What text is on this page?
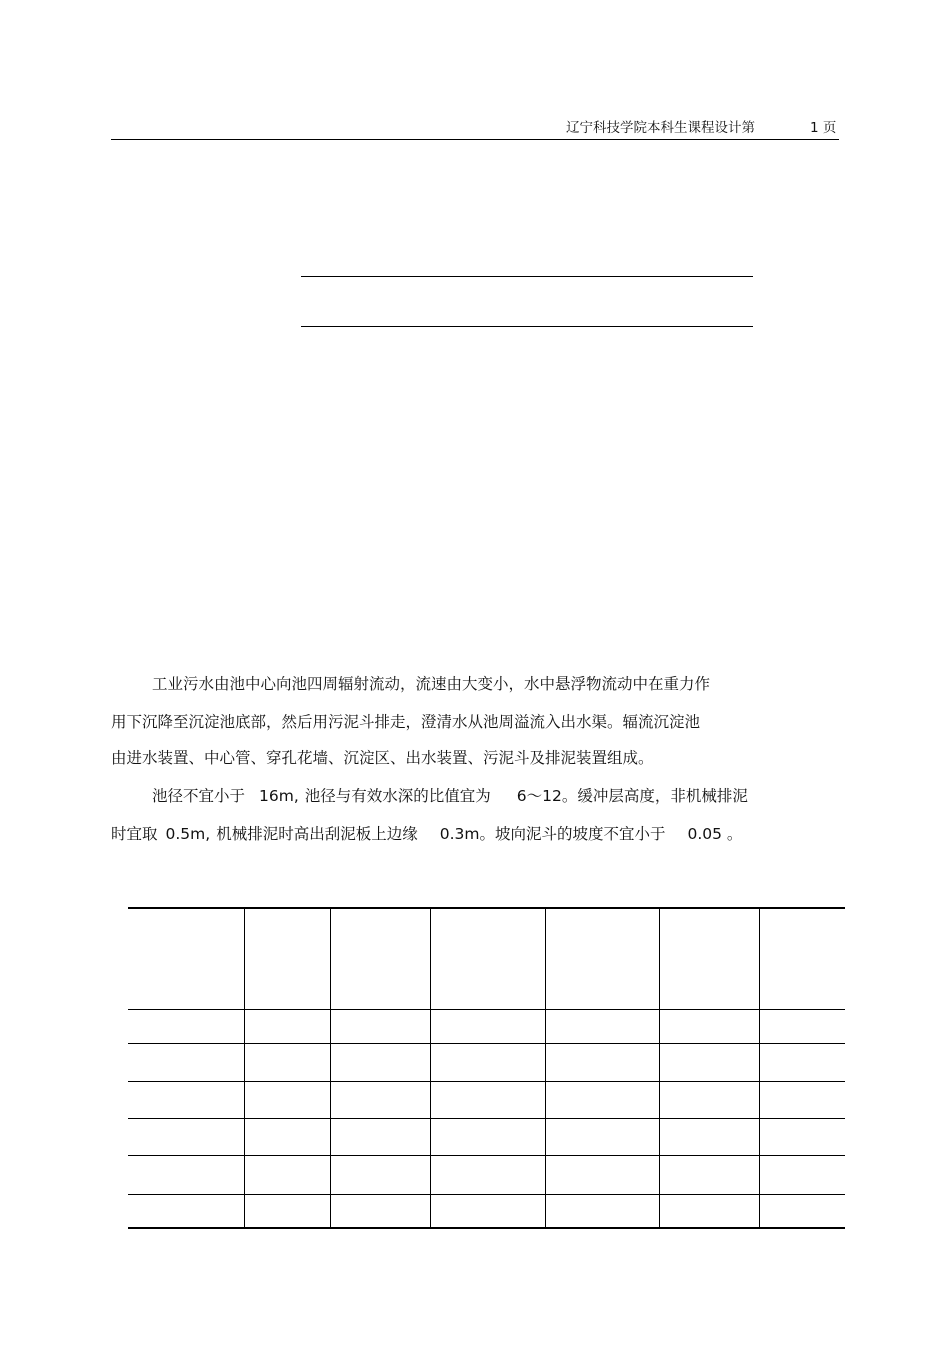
辽宁科技学院本科生课程设计第	1 页
工业污水由池中心向池四周辐射流动，流速由大变小，水中悬浮物流动中在重力作
用下沉降至沉淀池底部，然后用污泥斗排走，澄清水从池周溢流入出水渠。辐流沉淀池
由进水装置、中心管、穿孔花墙、沉淀区、出水装置、污泥斗及排泥装置组成。
池径不宜小于 16m, 池径与有效水深的比值宜为 6～12。缓冲层高度，非机械排泥
时宜取 0.5m, 机械排泥时高出刮泥板上边缘 0.3m。坡向泥斗的坡度不宜小于 0.05 。
